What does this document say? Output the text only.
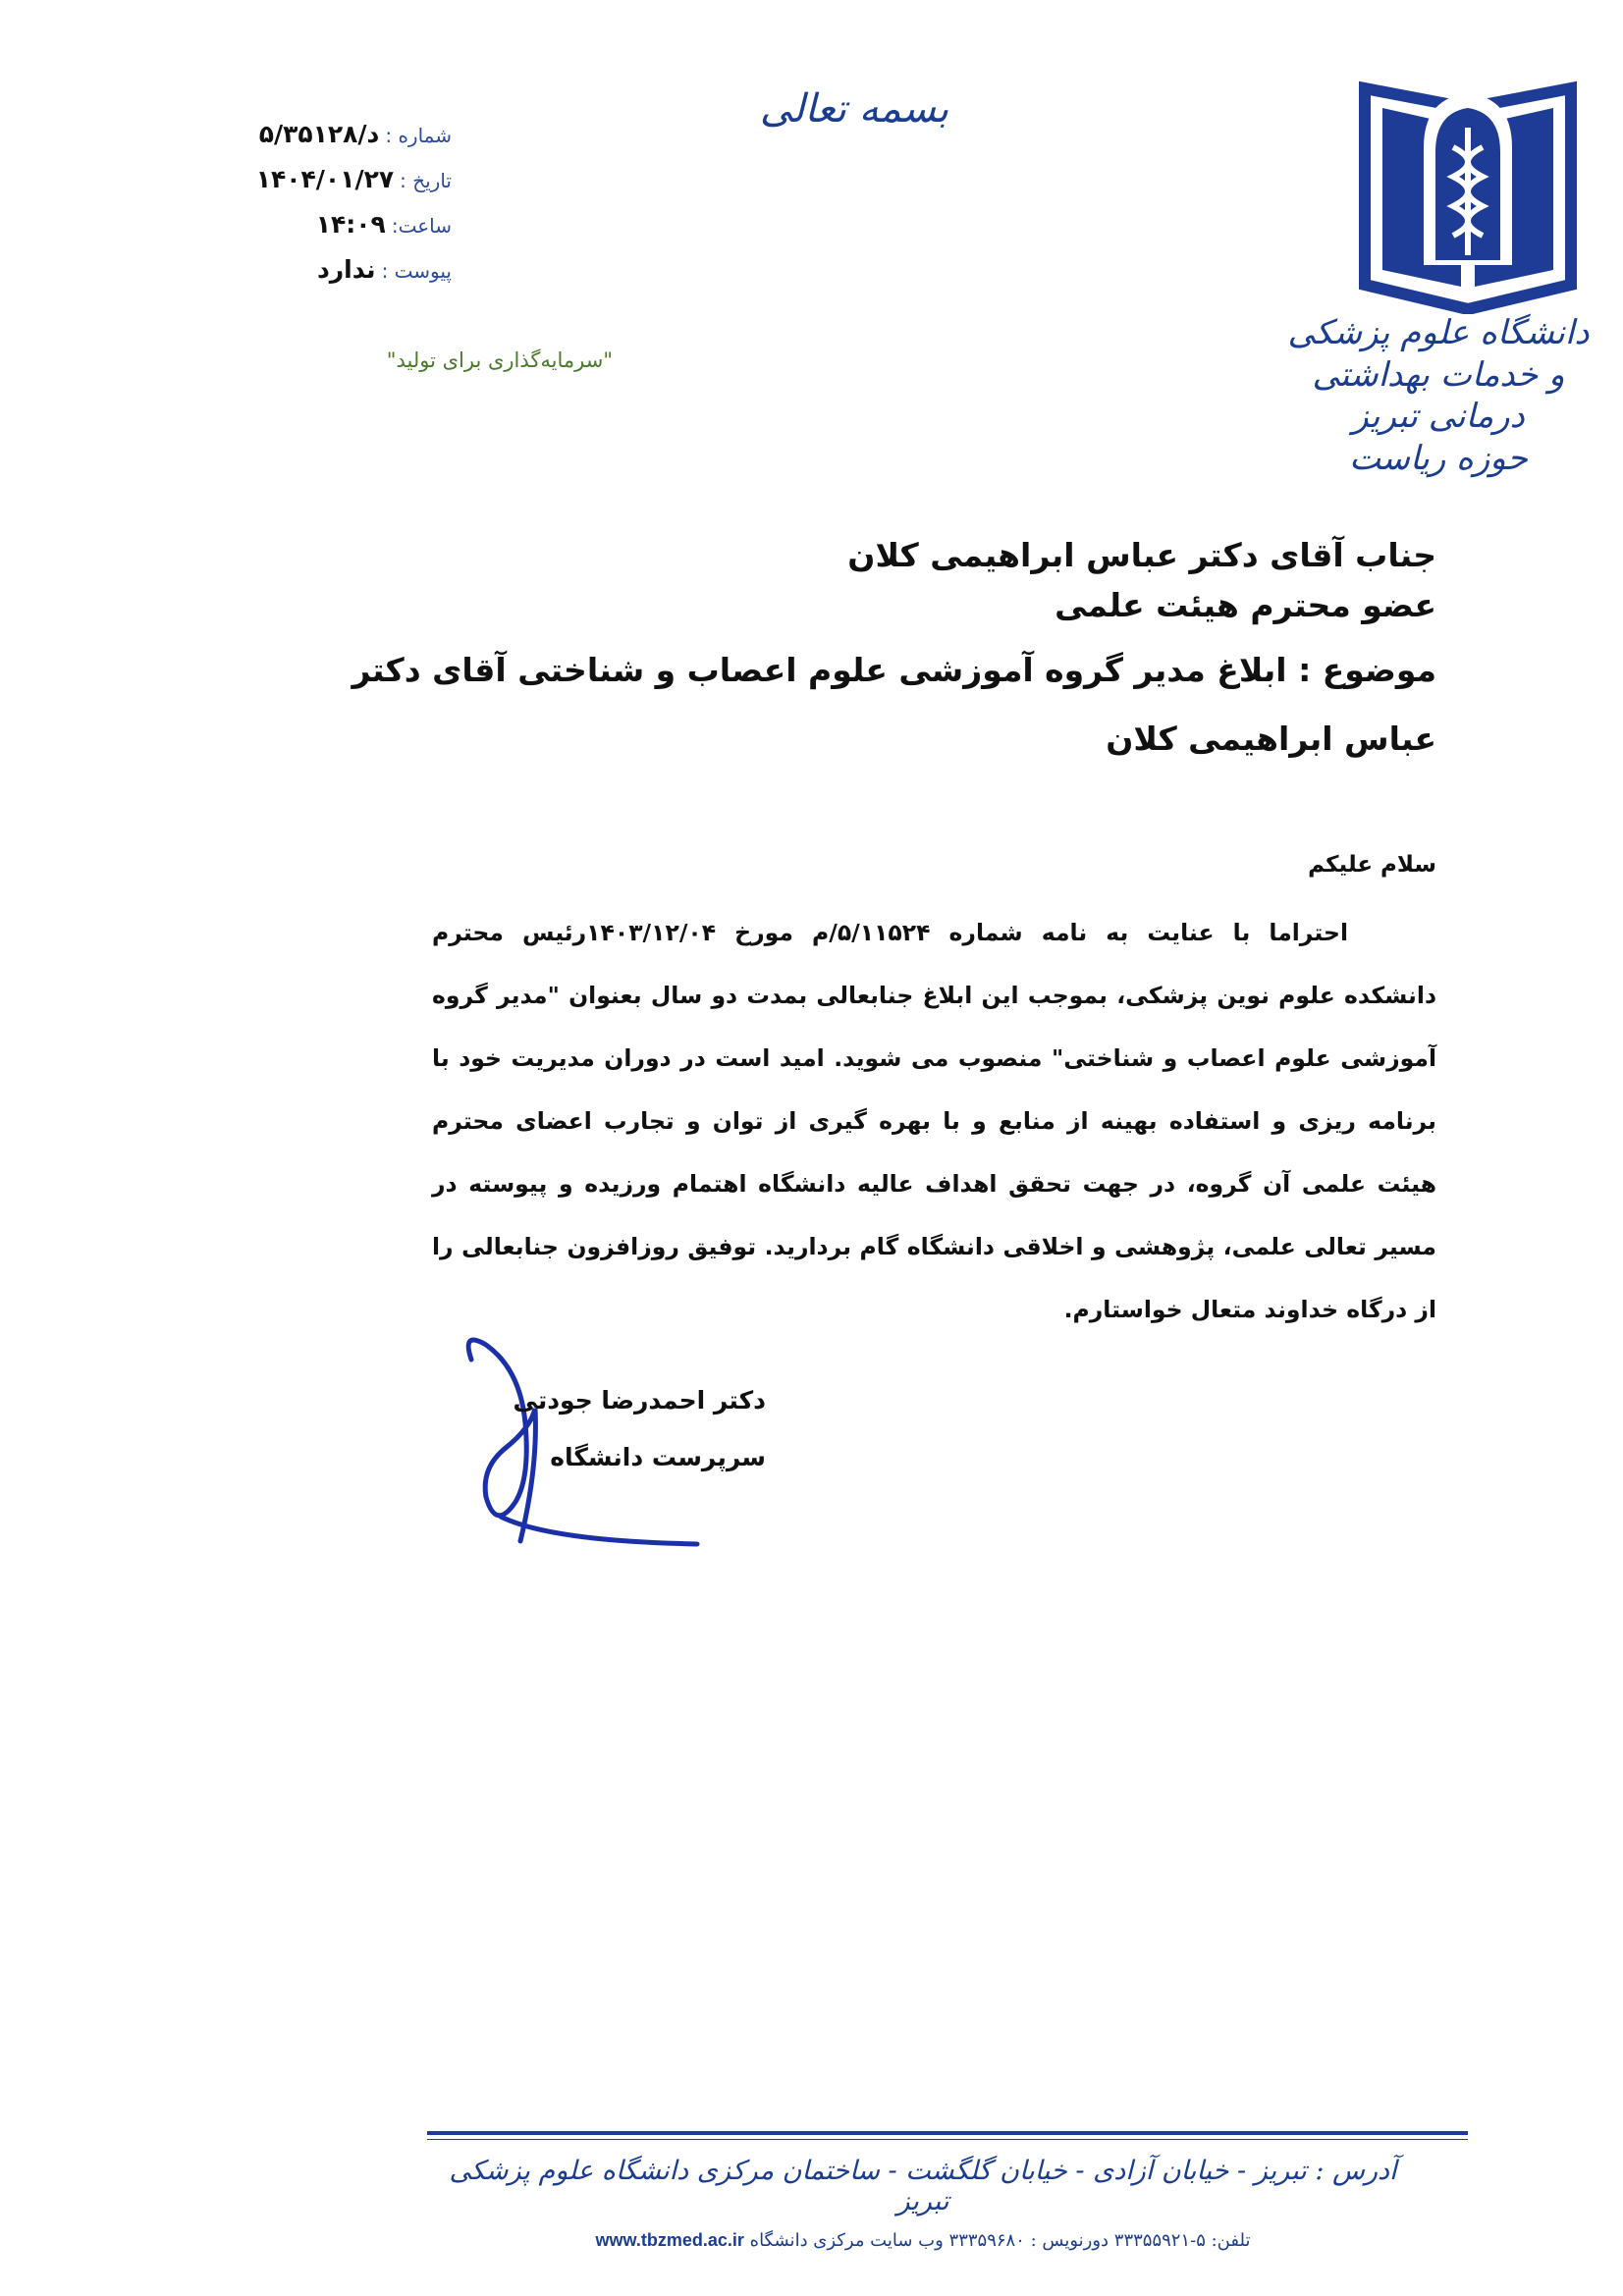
بسمه تعالی
دانشگاه علوم پزشکی
و خدمات بهداشتی درمانی تبریز
حوزه ریاست
شماره :
۵/د/۳۵۱۲۸
تاریخ :
۱۴۰۴/۰۱/۲۷
ساعت:
۱۴:۰۹
پیوست :
ندارد
"سرمایه‌گذاری برای تولید"
جناب آقای دکتر عباس ابراهیمی کلان
عضو محترم هیئت علمی
موضوع : ابلاغ مدیر گروه آموزشی علوم اعصاب و شناختی آقای دکتر عباس ابراهیمی کلان
سلام علیکم
احتراما با عنایت به نامه شماره ۵/۱۱۵۲۴/م مورخ ۱۴۰۳/۱۲/۰۴رئیس محترم دانشکده علوم نوین پزشکی، بموجب این ابلاغ جنابعالی بمدت دو سال بعنوان "مدیر گروه آموزشی علوم اعصاب و شناختی" منصوب می شوید. امید است در دوران مدیریت خود با برنامه ریزی و استفاده بهینه از منابع و با بهره گیری از توان و تجارب اعضای محترم هیئت علمی آن گروه، در جهت تحقق اهداف عالیه دانشگاه اهتمام ورزیده و پیوسته در مسیر تعالی علمی، پژوهشی و اخلاقی دانشگاه گام بردارید. توفیق روزافزون جنابعالی را از درگاه خداوند متعال خواستارم.
دکتر احمدرضا جودتی
سرپرست دانشگاه
آدرس : تبریز - خیابان آزادی - خیابان گلگشت - ساختمان مرکزی دانشگاه علوم پزشکی تبریز
تلفن: ۵-۳۳۳۵۵۹۲۱ دورنویس : ۳۳۳۵۹۶۸۰ وب سایت مرکزی دانشگاه www.tbzmed.ac.ir
